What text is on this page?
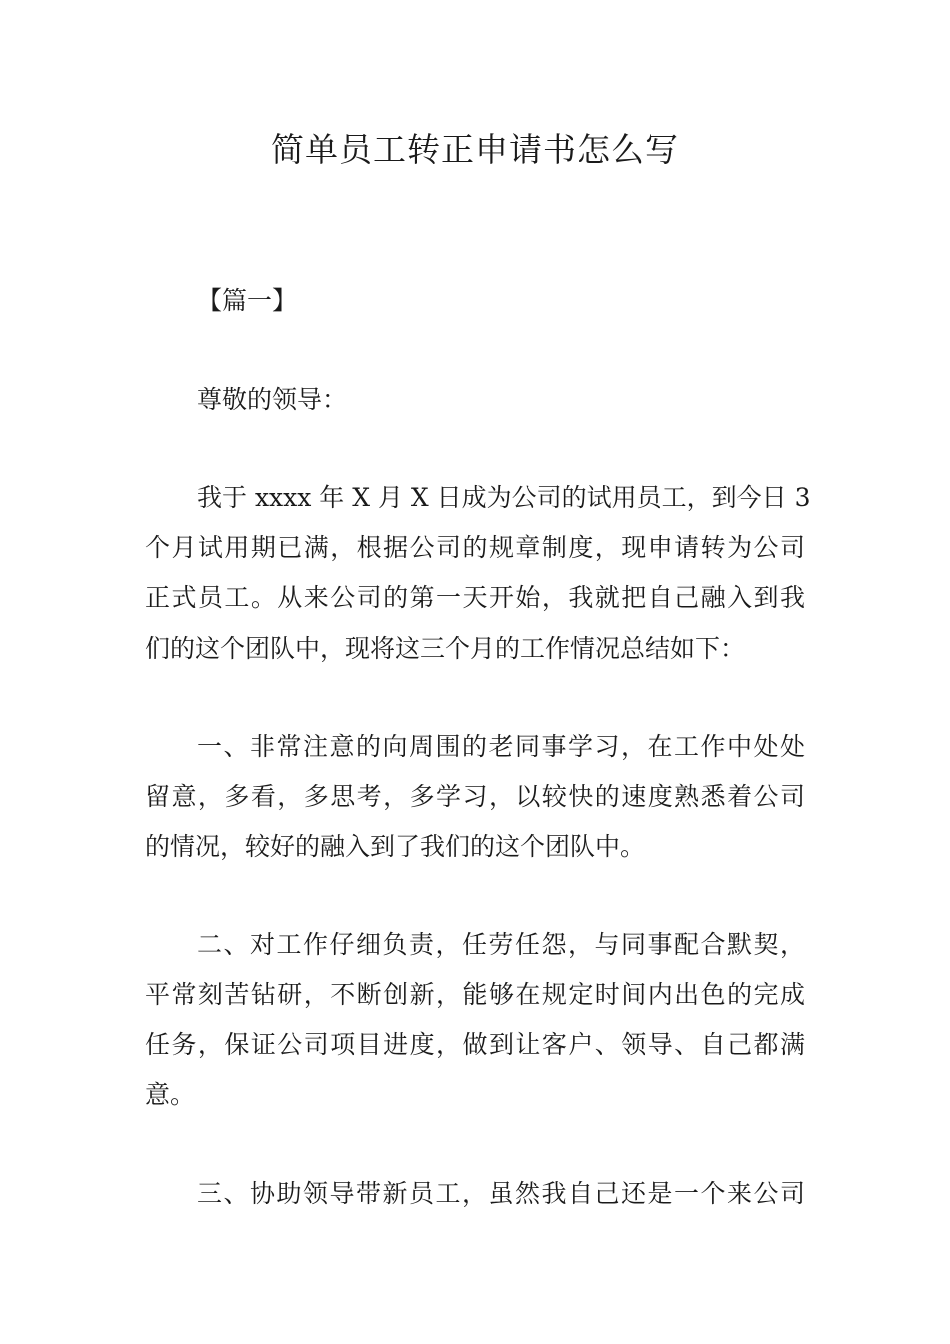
简单员工转正申请书怎么写
【篇一】
尊敬的领导：
我于 xxxx 年 X 月 X 日成为公司的试用员工，到今日 3
个月试用期已满，根据公司的规章制度，现申请转为公司
正式员工。从来公司的第一天开始，我就把自己融入到我
们的这个团队中，现将这三个月的工作情况总结如下：
一、非常注意的向周围的老同事学习，在工作中处处
留意，多看，多思考，多学习，以较快的速度熟悉着公司
的情况，较好的融入到了我们的这个团队中。
二、对工作仔细负责，任劳任怨，与同事配合默契，
平常刻苦钻研，不断创新，能够在规定时间内出色的完成
任务，保证公司项目进度，做到让客户、领导、自己都满
意。
三、协助领导带新员工，虽然我自己还是一个来公司
